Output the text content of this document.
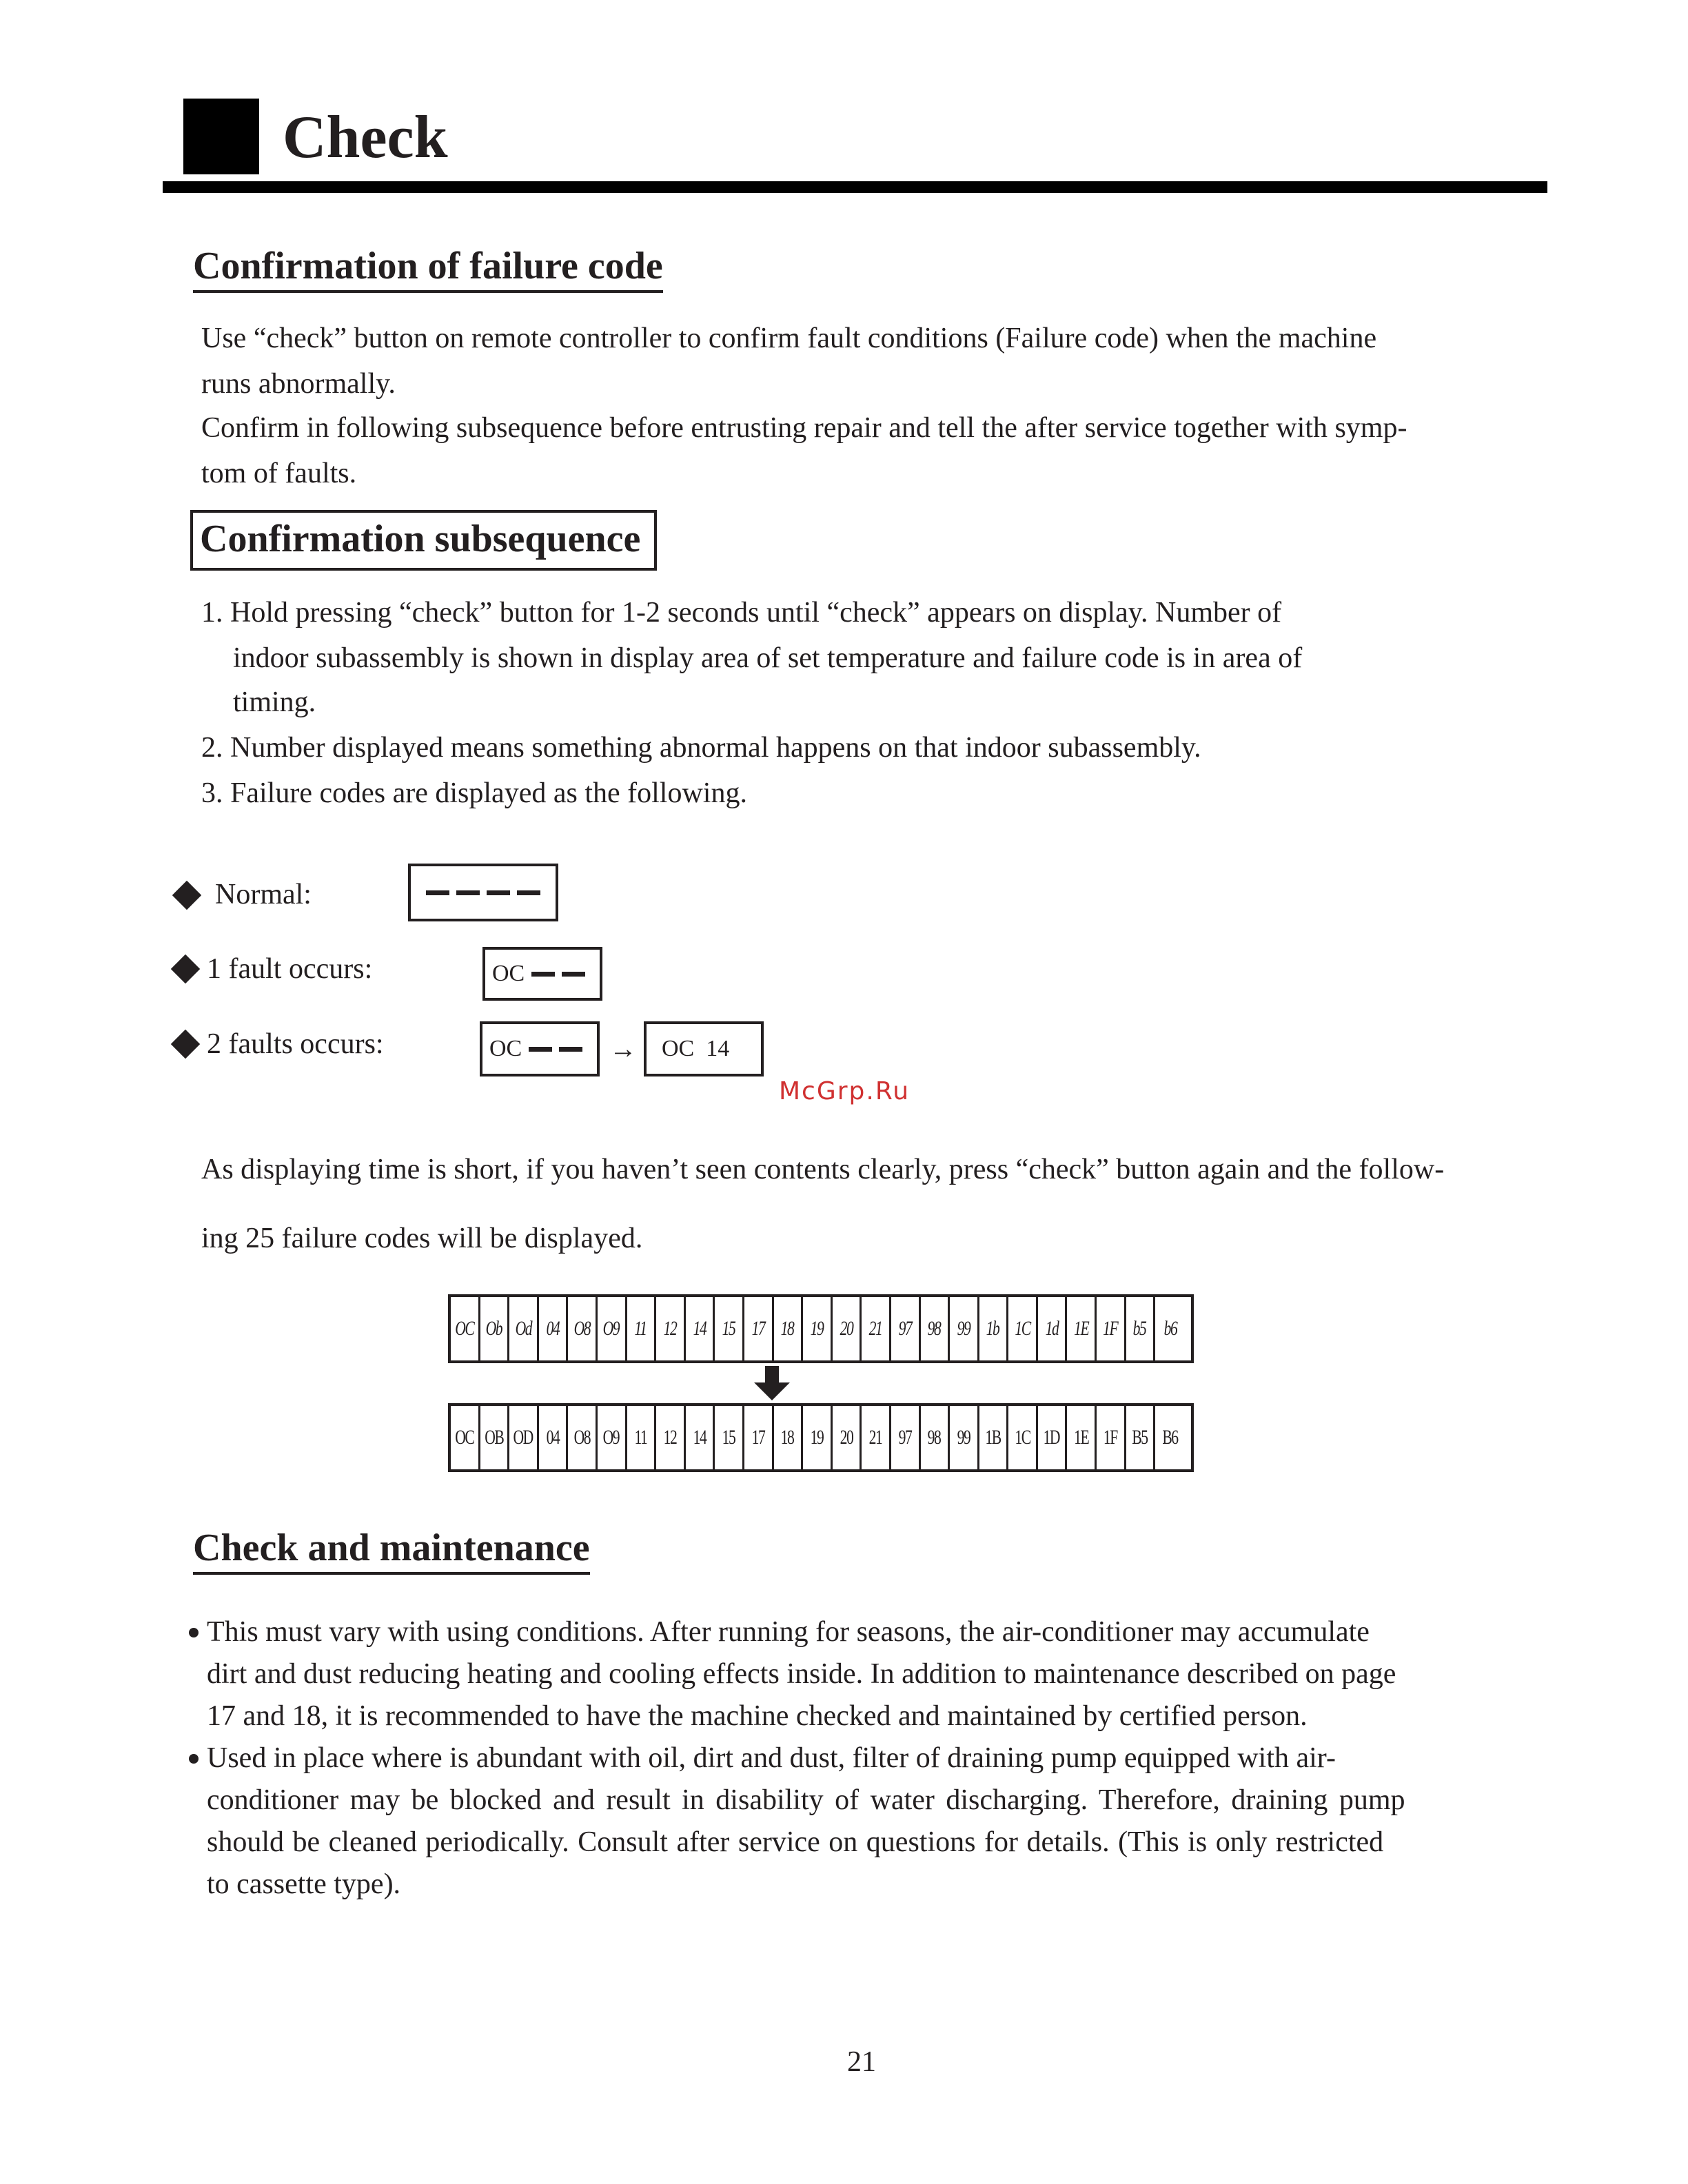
Check
Confirmation of failure code
Use “check” button on remote controller to confirm fault conditions (Failure code) when the machine
runs abnormally.
Confirm in following subsequence before entrusting repair and tell the after service together with symp-
tom of faults.
Confirmation subsequence
1. Hold pressing “check” button for 1-2 seconds until “check” appears on display. Number of
indoor subassembly is shown in display area of set temperature and failure code is in area of
timing.
2. Number displayed means something abnormal happens on that indoor subassembly.
3. Failure codes are displayed as the following.
Normal:
1 fault occurs:	OC
2 faults occurs:	OC	→ OC  14
McGrp.Ru
As displaying time is short, if you haven’t seen contents clearly, press “check” button again and the follow-
ing 25 failure codes will be displayed.
OC Ob Od 04 O8 O9 11 12 14 15 17 18 19 20 21 97 98 99 1b 1C 1d 1E 1F b5 b6
OC OB OD 04 O8 O9 11 12 14 15 17 18 19 20 21 97 98 99 1B 1C 1D 1E 1F B5 B6
Check and maintenance
This must vary with using conditions. After running for seasons, the air-conditioner may accumulate
dirt and dust reducing heating and cooling effects inside. In addition to maintenance described on page
17 and 18, it is recommended to have the machine checked and maintained by certified person.
Used in place where is abundant with oil, dirt and dust, filter of draining pump equipped with air-
conditioner may be blocked and result in disability of water discharging. Therefore, draining pump
should be cleaned periodically. Consult after service on questions for details. (This is only restricted
to cassette type).
21
